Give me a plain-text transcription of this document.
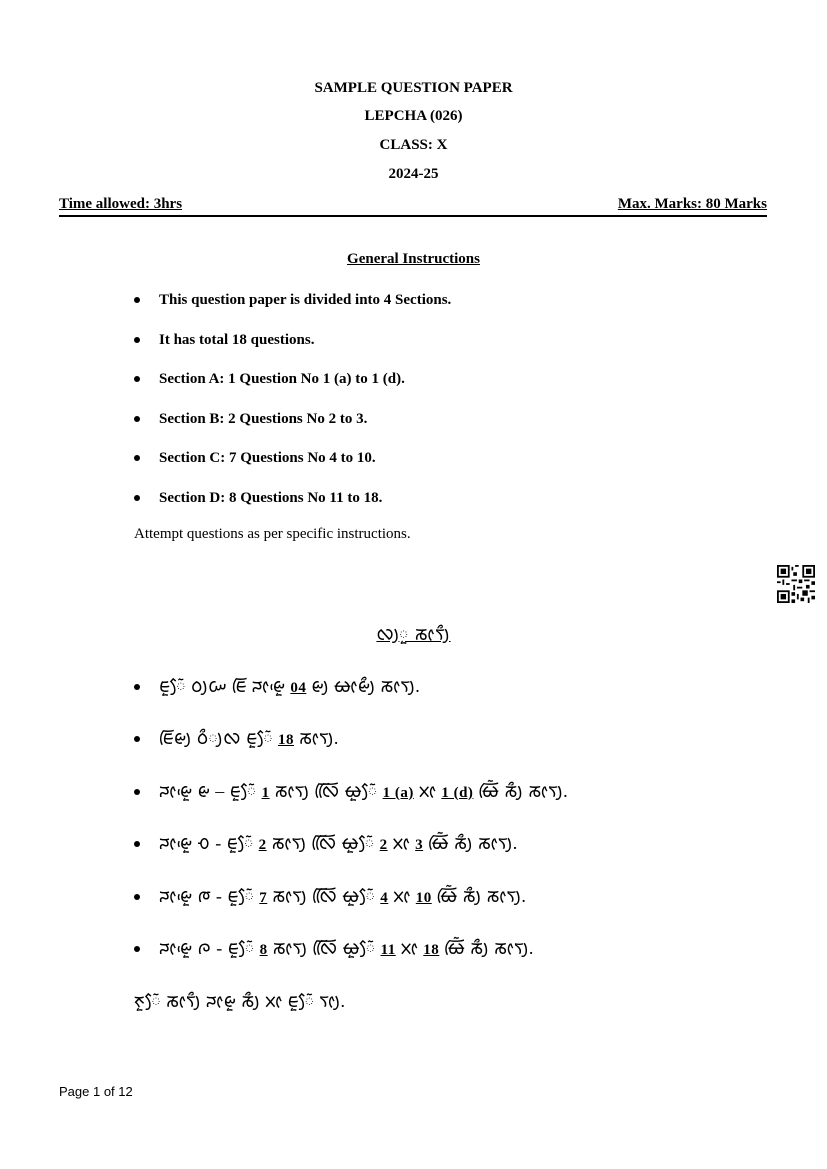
SAMPLE QUESTION PAPER
LEPCHA (026)
CLASS: X
2024-25
Time allowed: 3hrs	Max. Marks: 80 Marks
General Instructions
This question paper is divided into 4 Sections.
It has total 18 questions.
Section A: 1 Question No 1 (a) to 1 (d).
Section B: 2 Questions No 2 to 3.
Section C: 7 Questions No 4 to 10.
Section D: 8 Questions No 11 to 18.
Attempt questions as per specific instructions.
ᰜᰪᰬ ᰕᰦᰛᰪᰰ
ᰀᰬᰧᰶ ᰓᰪᰠ ᰀᰩ ᰎᰦᰡᰬᰵ 04 ᰡᰪ ᰄᰦᰡᰪᰰ ᰕᰦᰛᰪ.
ᰀᰩᰡᰪ ᰓᰰᰪᰜ ᰀᰬᰧᰶ 18 ᰕᰦᰛᰪ.
ᰎᰦᰡᰬᰵ ᰡ – ᰀᰬᰧᰶ 1 ᰕᰦᰛᰪ ᰜᰩᰩ ᰄᰬᰧᰶ 1 (a) ᰞᰦ 1 (d) ᰄᰩᰶ ᰕᰪᰰ ᰕᰦᰛᰪ.
ᰎᰦᰡᰬᰵ ᰆ - ᰀᰬᰧᰶ 2 ᰕᰦᰛᰪ ᰜᰩᰩ ᰄᰬᰧᰶ 2 ᰞᰦ 3 ᰄᰩᰶ ᰕᰪᰰ ᰕᰦᰛᰪ.
ᰎᰦᰡᰬᰵ ᰈ - ᰀᰬᰧᰶ 7 ᰕᰦᰛᰪ ᰜᰩᰩ ᰄᰬᰧᰶ 4 ᰞᰦ 10 ᰄᰩᰶ ᰕᰪᰰ ᰕᰦᰛᰪ.
ᰎᰦᰡᰬᰵ ᰍ - ᰀᰬᰧᰶ 8 ᰕᰦᰛᰪ ᰜᰩᰩ ᰄᰬᰧᰶ 11 ᰞᰦ 18 ᰄᰩᰶ ᰕᰪᰰ ᰕᰦᰛᰪ.
ᰉᰬᰧᰶ ᰕᰦᰛᰪᰰ ᰎᰦᰡᰬ ᰕᰪᰰ ᰞᰦ ᰀᰬᰧᰶ ᰛᰦᰪ.
Page 1 of 12
